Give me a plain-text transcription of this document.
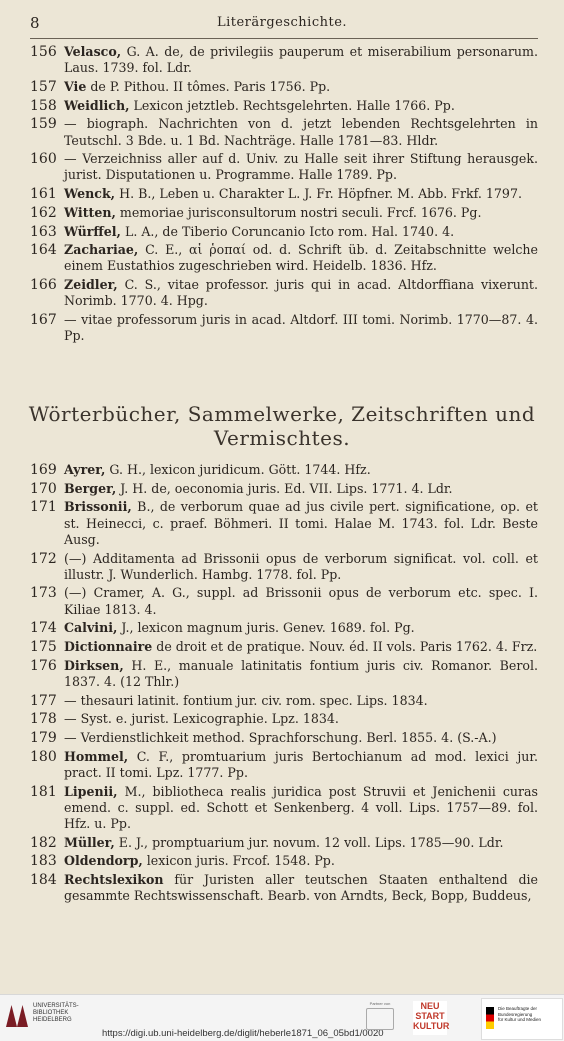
8	Literärgeschichte.
156 Velasco, G. A. de, de privilegiis pauperum et miserabilium personarum. Laus. 1739. fol. Ldr.
157 Vie de P. Pithou. II tômes. Paris 1756. Pp.
158 Weidlich, Lexicon jetztleb. Rechtsgelehrten. Halle 1766. Pp.
159 — biograph. Nachrichten von d. jetzt lebenden Rechtsgelehrten in Teutschl. 3 Bde. u. 1 Bd. Nachträge. Halle 1781—83. Hldr.
160 — Verzeichniss aller auf d. Univ. zu Halle seit ihrer Stiftung herausgek. jurist. Disputationen u. Programme. Halle 1789. Pp.
161 Wenck, H. B., Leben u. Charakter L. J. Fr. Höpfner. M. Abb. Frkf. 1797.
162 Witten, memoriae jurisconsultorum nostri seculi. Frcf. 1676. Pg.
163 Würffel, L. A., de Tiberio Coruncanio Icto rom. Hal. 1740. 4.
164 Zachariae, C. E., αἱ ῥοπαί od. d. Schrift üb. d. Zeitabschnitte welche einem Eustathios zugeschrieben wird. Heidelb. 1836. Hfz.
166 Zeidler, C. S., vitae professor. juris qui in acad. Altdorffiana vixerunt. Norimb. 1770. 4. Hpg.
167 — vitae professorum juris in acad. Altdorf. III tomi. Norimb. 1770—87. 4. Pp.
Wörterbücher, Sammelwerke, Zeitschriften und
Vermischtes.
169 Ayrer, G. H., lexicon juridicum. Gött. 1744. Hfz.
170 Berger, J. H. de, oeconomia juris. Ed. VII. Lips. 1771. 4. Ldr.
171 Brissonii, B., de verborum quae ad jus civile pert. significatione, op. et st. Heinecci, c. praef. Böhmeri. II tomi. Halae M. 1743. fol. Ldr. Beste Ausg.
172 (—) Additamenta ad Brissonii opus de verborum significat. vol. coll. et illustr. J. Wunderlich. Hambg. 1778. fol. Pp.
173 (—) Cramer, A. G., suppl. ad Brissonii opus de verborum etc. spec. I. Kiliae 1813. 4.
174 Calvini, J., lexicon magnum juris. Genev. 1689. fol. Pg.
175 Dictionnaire de droit et de pratique. Nouv. éd. II vols. Paris 1762. 4. Frz.
176 Dirksen, H. E., manuale latinitatis fontium juris civ. Romanor. Berol. 1837. 4. (12 Thlr.)
177 — thesauri latinit. fontium jur. civ. rom. spec. Lips. 1834.
178 — Syst. e. jurist. Lexicographie. Lpz. 1834.
179 — Verdienstlichkeit method. Sprachforschung. Berl. 1855. 4. (S.-A.)
180 Hommel, C. F., promtuarium juris Bertochianum ad mod. lexici jur. pract. II tomi. Lpz. 1777. Pp.
181 Lipenii, M., bibliotheca realis juridica post Struvii et Jenichenii curas emend. c. suppl. ed. Schott et Senkenberg. 4 voll. Lips. 1757—89. fol. Hfz. u. Pp.
182 Müller, E. J., promptuarium jur. novum. 12 voll. Lips. 1785—90. Ldr.
183 Oldendorp, lexicon juris. Frcof. 1548. Pp.
184 Rechtslexikon für Juristen aller teutschen Staaten enthaltend die gesammte Rechtswissenschaft. Bearb. von Arndts, Beck, Bopp, Buddeus,
UNIVERSITÄTS-
BIBLIOTHEK
HEIDELBERG
https://digi.ub.uni-heidelberg.de/diglit/heberle1871_06_05bd1/0020
Partner von	NEU
START
KULTUR
Die Beauftragte der Bundesregierung
für Kultur und Medien
